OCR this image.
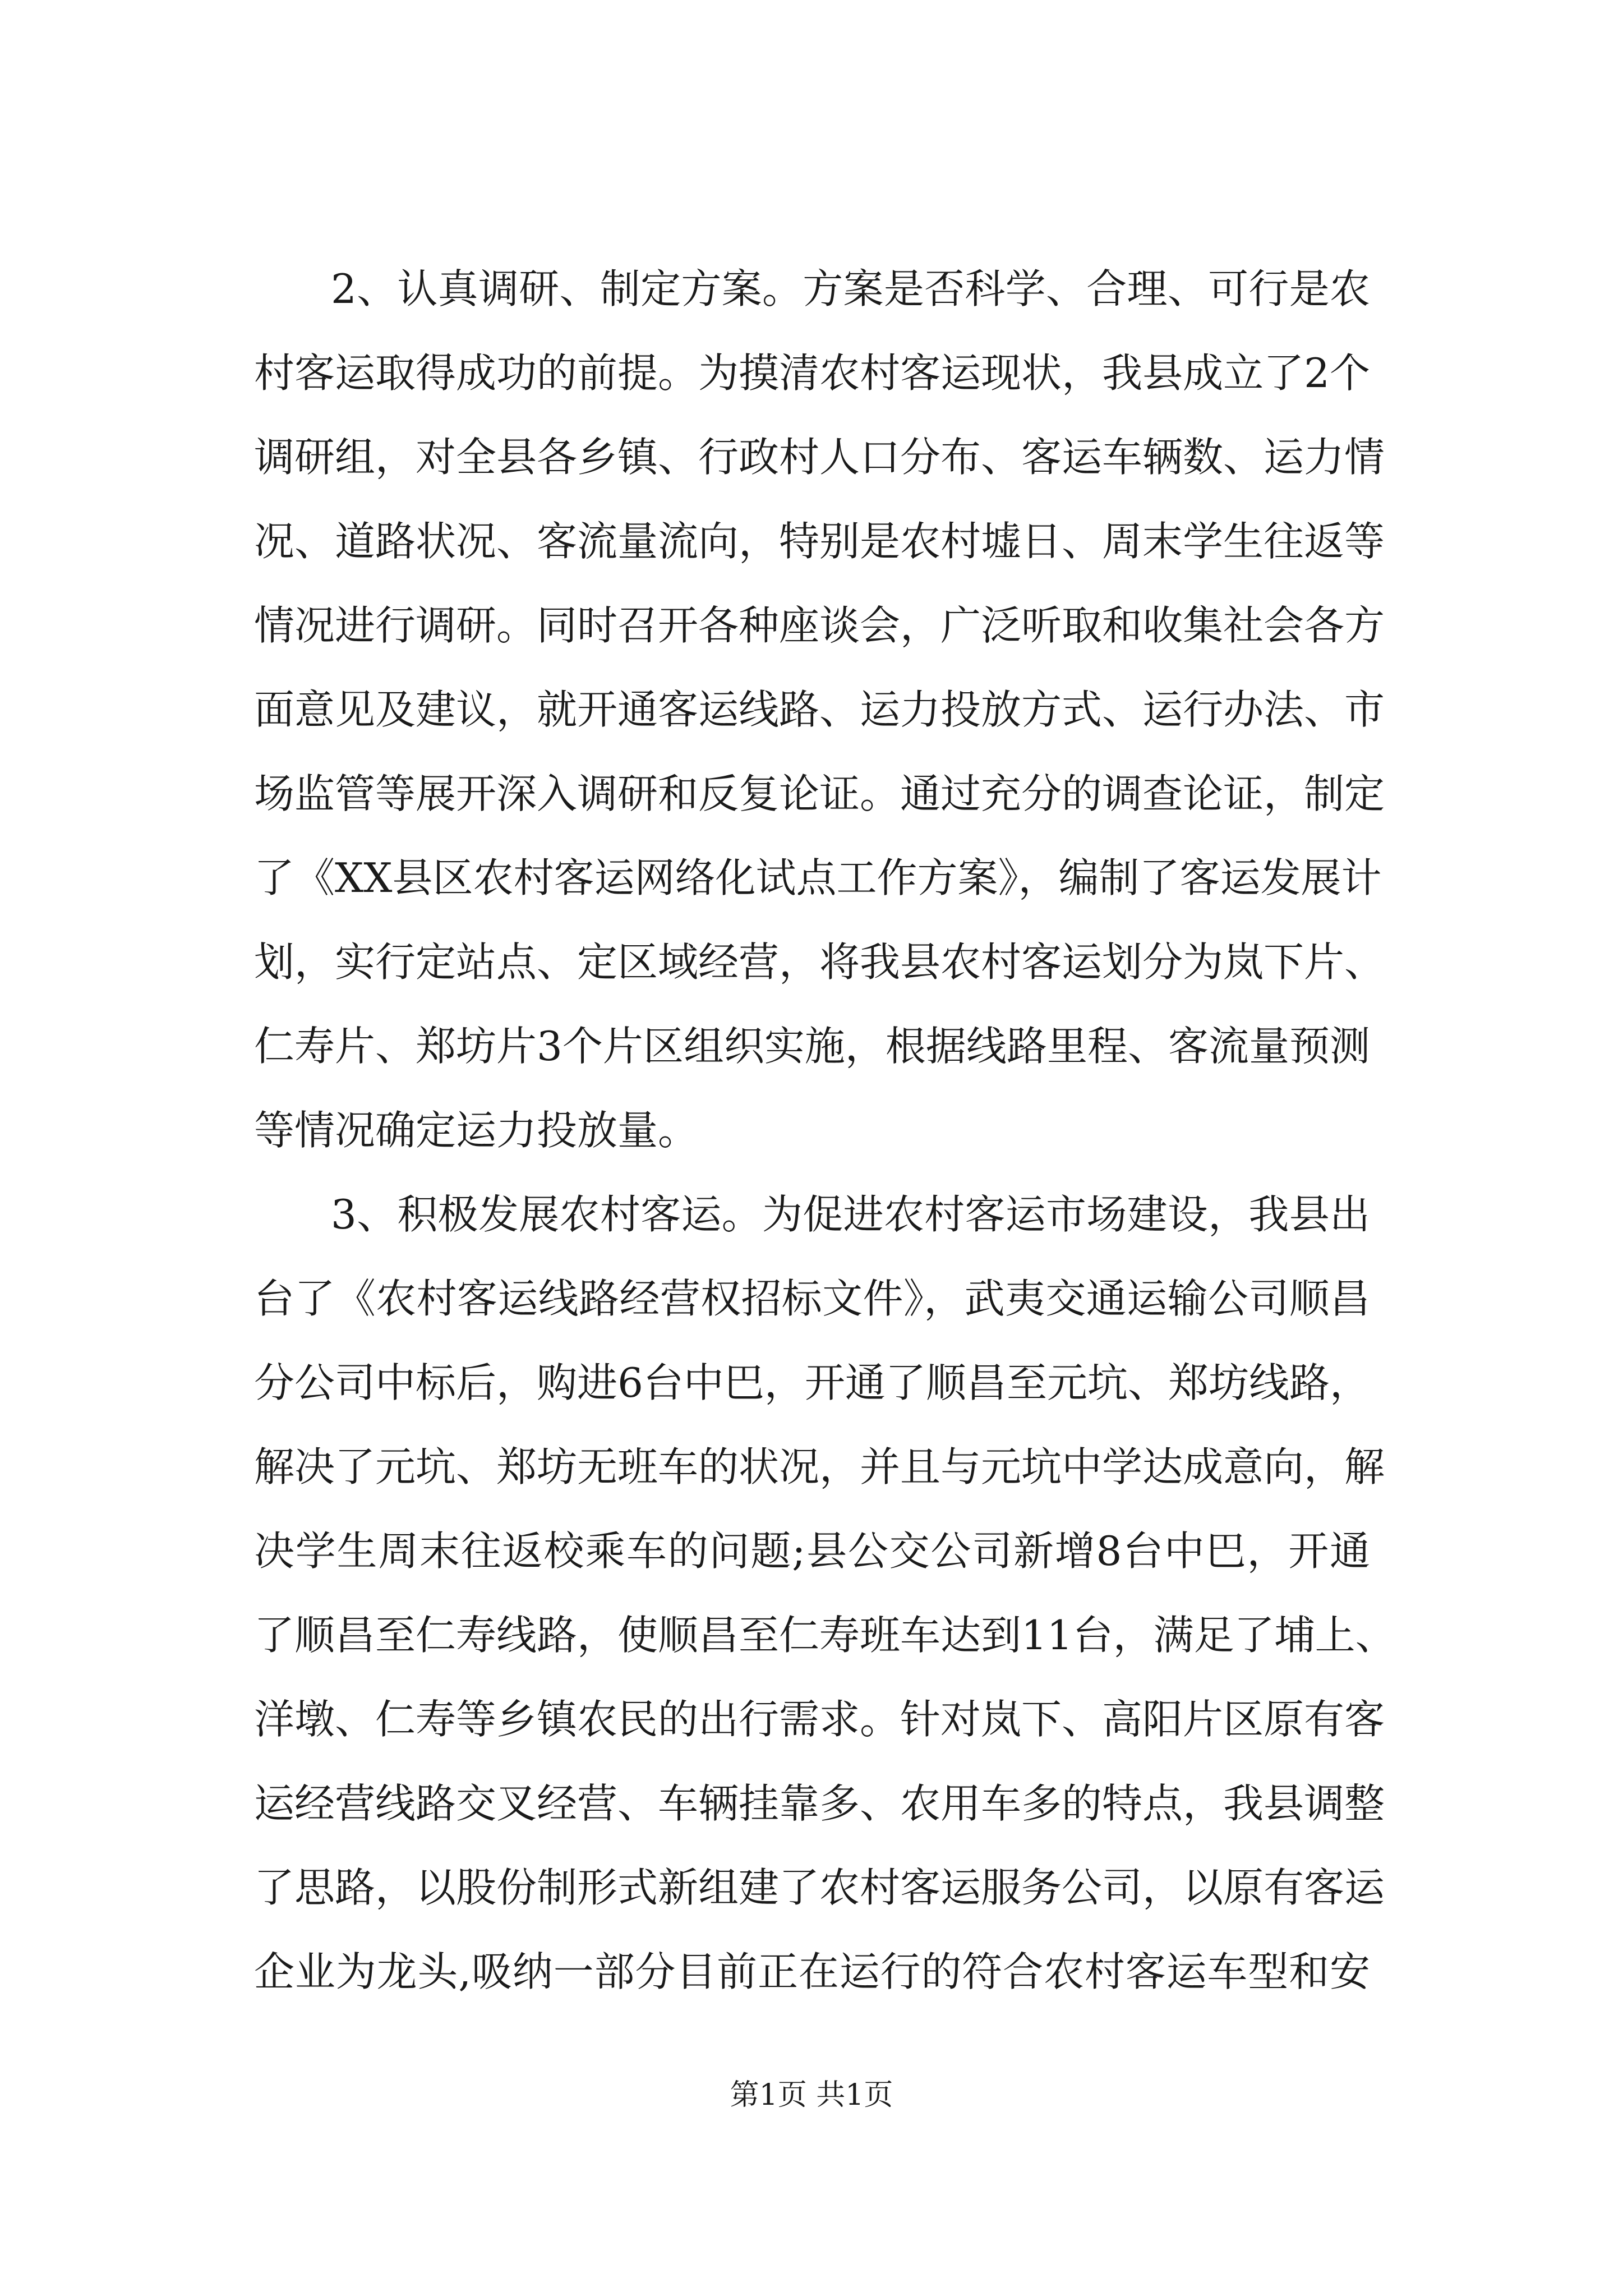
2、认真调研、制定方案。方案是否科学、合理、可行是农
村客运取得成功的前提。为摸清农村客运现状，我县成立了2个
调研组，对全县各乡镇、行政村人口分布、客运车辆数、运力情
况、道路状况、客流量流向，特别是农村墟日、周末学生往返等
情况进行调研。同时召开各种座谈会，广泛听取和收集社会各方
面意见及建议，就开通客运线路、运力投放方式、运行办法、市
场监管等展开深入调研和反复论证。通过充分的调查论证，制定
了《XX县区农村客运网络化试点工作方案》，编制了客运发展计
划，实行定站点、定区域经营，将我县农村客运划分为岚下片、
仁寿片、郑坊片3个片区组织实施，根据线路里程、客流量预测
等情况确定运力投放量。
3、积极发展农村客运。为促进农村客运市场建设，我县出
台了《农村客运线路经营权招标文件》，武夷交通运输公司顺昌
分公司中标后，购进6台中巴，开通了顺昌至元坑、郑坊线路，
解决了元坑、郑坊无班车的状况，并且与元坑中学达成意向，解
决学生周末往返校乘车的问题;县公交公司新增8台中巴，开通
了顺昌至仁寿线路，使顺昌至仁寿班车达到11台，满足了埔上、
洋墩、仁寿等乡镇农民的出行需求。针对岚下、高阳片区原有客
运经营线路交叉经营、车辆挂靠多、农用车多的特点，我县调整
了思路，以股份制形式新组建了农村客运服务公司，以原有客运
企业为龙头,吸纳一部分目前正在运行的符合农村客运车型和安
第1页 共1页
